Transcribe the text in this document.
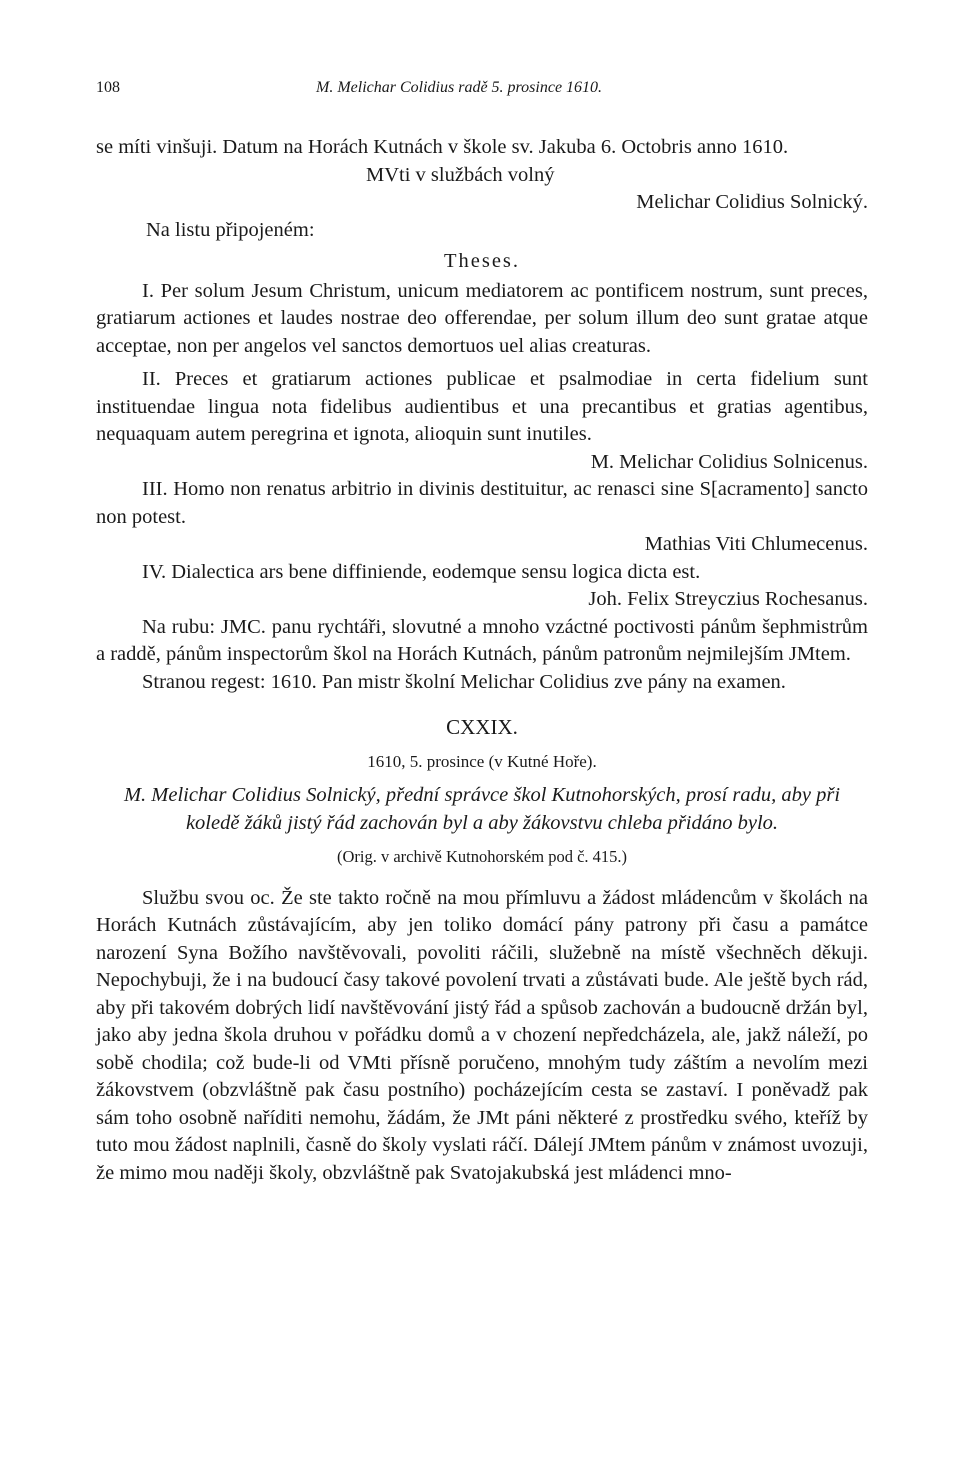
108	M. Melichar Colidius radě 5. prosince 1610.

se míti vinšuji. Datum na Horách Kutnách v škole sv. Jakuba 6. Octobris anno 1610.

MVti v službách volný

Melichar Colidius Solnický.

Na listu připojeném:

Theses.

I. Per solum Jesum Christum, unicum mediatorem ac pontificem nostrum, sunt preces, gratiarum actiones et laudes nostrae deo offerendae, per solum illum deo sunt gratae atque acceptae, non per angelos vel sanctos demortuos uel alias creaturas.

II. Preces et gratiarum actiones publicae et psalmodiae in certa fidelium sunt instituendae lingua nota fidelibus audientibus et una precantibus et gratias agentibus, nequaquam autem peregrina et ignota, alioquin sunt inutiles.

M. Melichar Colidius Solnicenus.

III. Homo non renatus arbitrio in divinis destituitur, ac renasci sine S[acramento] sancto non potest.

Mathias Viti Chlumecenus.

IV. Dialectica ars bene diffiniende, eodemque sensu logica dicta est.

Joh. Felix Streyczius Rochesanus.

Na rubu: JMC. panu rychtáři, slovutné a mnoho vzáctné poctivosti pánům šephmistrům a raddě, pánům inspectorům škol na Horách Kutnách, pánům patronům nejmilejším JMtem.

Stranou regest: 1610. Pan mistr školní Melichar Colidius zve pány na examen.

CXXIX.

1610, 5. prosince (v Kutné Hoře).

M. Melichar Colidius Solnický, přední správce škol Kutnohorských, prosí radu, aby při koledě žáků jistý řád zachován byl a aby žákovstvu chleba přidáno bylo.

(Orig. v archivě Kutnohorském pod č. 415.)

Službu svou oc. Že ste takto ročně na mou přímluvu a žádost mládencům v školách na Horách Kutnách zůstávajícím, aby jen toliko domácí pány patrony při času a památce narození Syna Božího navštěvovali, povoliti ráčili, služebně na místě všechněch děkuji. Nepochybuji, že i na budoucí časy takové povolení trvati a zůstávati bude. Ale ještě bych rád, aby při takovém dobrých lidí navštěvování jistý řád a spůsob zachován a budoucně držán byl, jako aby jedna škola druhou v pořádku domů a v chození nepředcházela, ale, jakž náleží, po sobě chodila; což bude-li od VMti přísně poručeno, mnohým tudy záštím a nevolím mezi žákovstvem (obzvláštně pak času postního) pocházejícím cesta se zastaví. I poněvadž pak sám toho osobně naříditi nemohu, žádám, že JMt páni některé z prostředku svého, kteříž by tuto mou žádost naplnili, časně do školy vyslati ráčí. Dálejí JMtem pánům v známost uvozuji, že mimo mou naději školy, obzvláštně pak Svatojakubská jest mládenci mno-
